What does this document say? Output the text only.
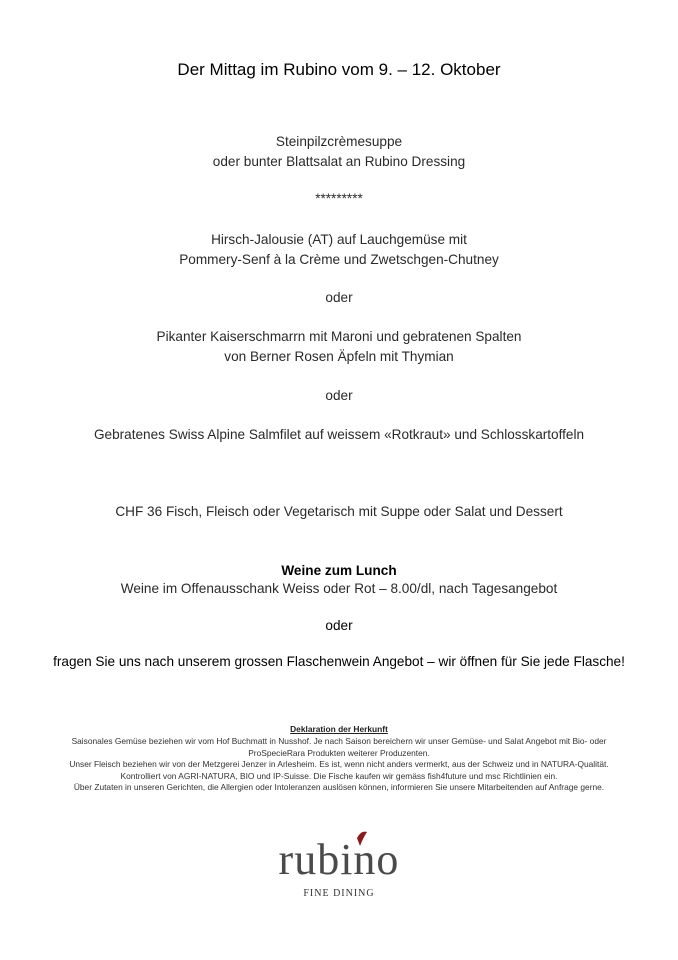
Der Mittag im Rubino vom 9. – 12. Oktober
Steinpilzcrèmesuppe
oder bunter Blattsalat an Rubino Dressing
*********
Hirsch-Jalousie (AT) auf Lauchgemüse mit
Pommery-Senf à la Crème und Zwetschgen-Chutney
oder
Pikanter Kaiserschmarrn mit Maroni und gebratenen Spalten
von Berner Rosen Äpfeln mit Thymian
oder
Gebratenes Swiss Alpine Salmfilet auf weissem «Rotkraut» und Schlosskartoffeln
CHF 36 Fisch, Fleisch oder Vegetarisch mit Suppe oder Salat und Dessert
Weine zum Lunch
Weine im Offenausschank Weiss oder Rot – 8.00/dl, nach Tagesangebot
oder
fragen Sie uns nach unserem grossen Flaschenwein Angebot – wir öffnen für Sie jede Flasche!
Deklaration der Herkunft

Saisonales Gemüse beziehen wir vom Hof Buchmatt in Nusshof. Je nach Saison bereichern wir unser Gemüse- und Salat Angebot mit Bio- oder ProSpecieRara Produkten weiterer Produzenten.

Unser Fleisch beziehen wir von der Metzgerei Jenzer in Arlesheim. Es ist, wenn nicht anders vermerkt, aus der Schweiz und in NATURA-Qualität. Kontrolliert von AGRI-NATURA, BIO und IP-Suisse. Die Fische kaufen wir gemäss fish4future und msc Richtlinien ein.

Über Zutaten in unseren Gerichten, die Allergien oder Intoleranzen auslösen können, informieren Sie unsere Mitarbeitenden auf Anfrage gerne.

rubino
FINE DINING
